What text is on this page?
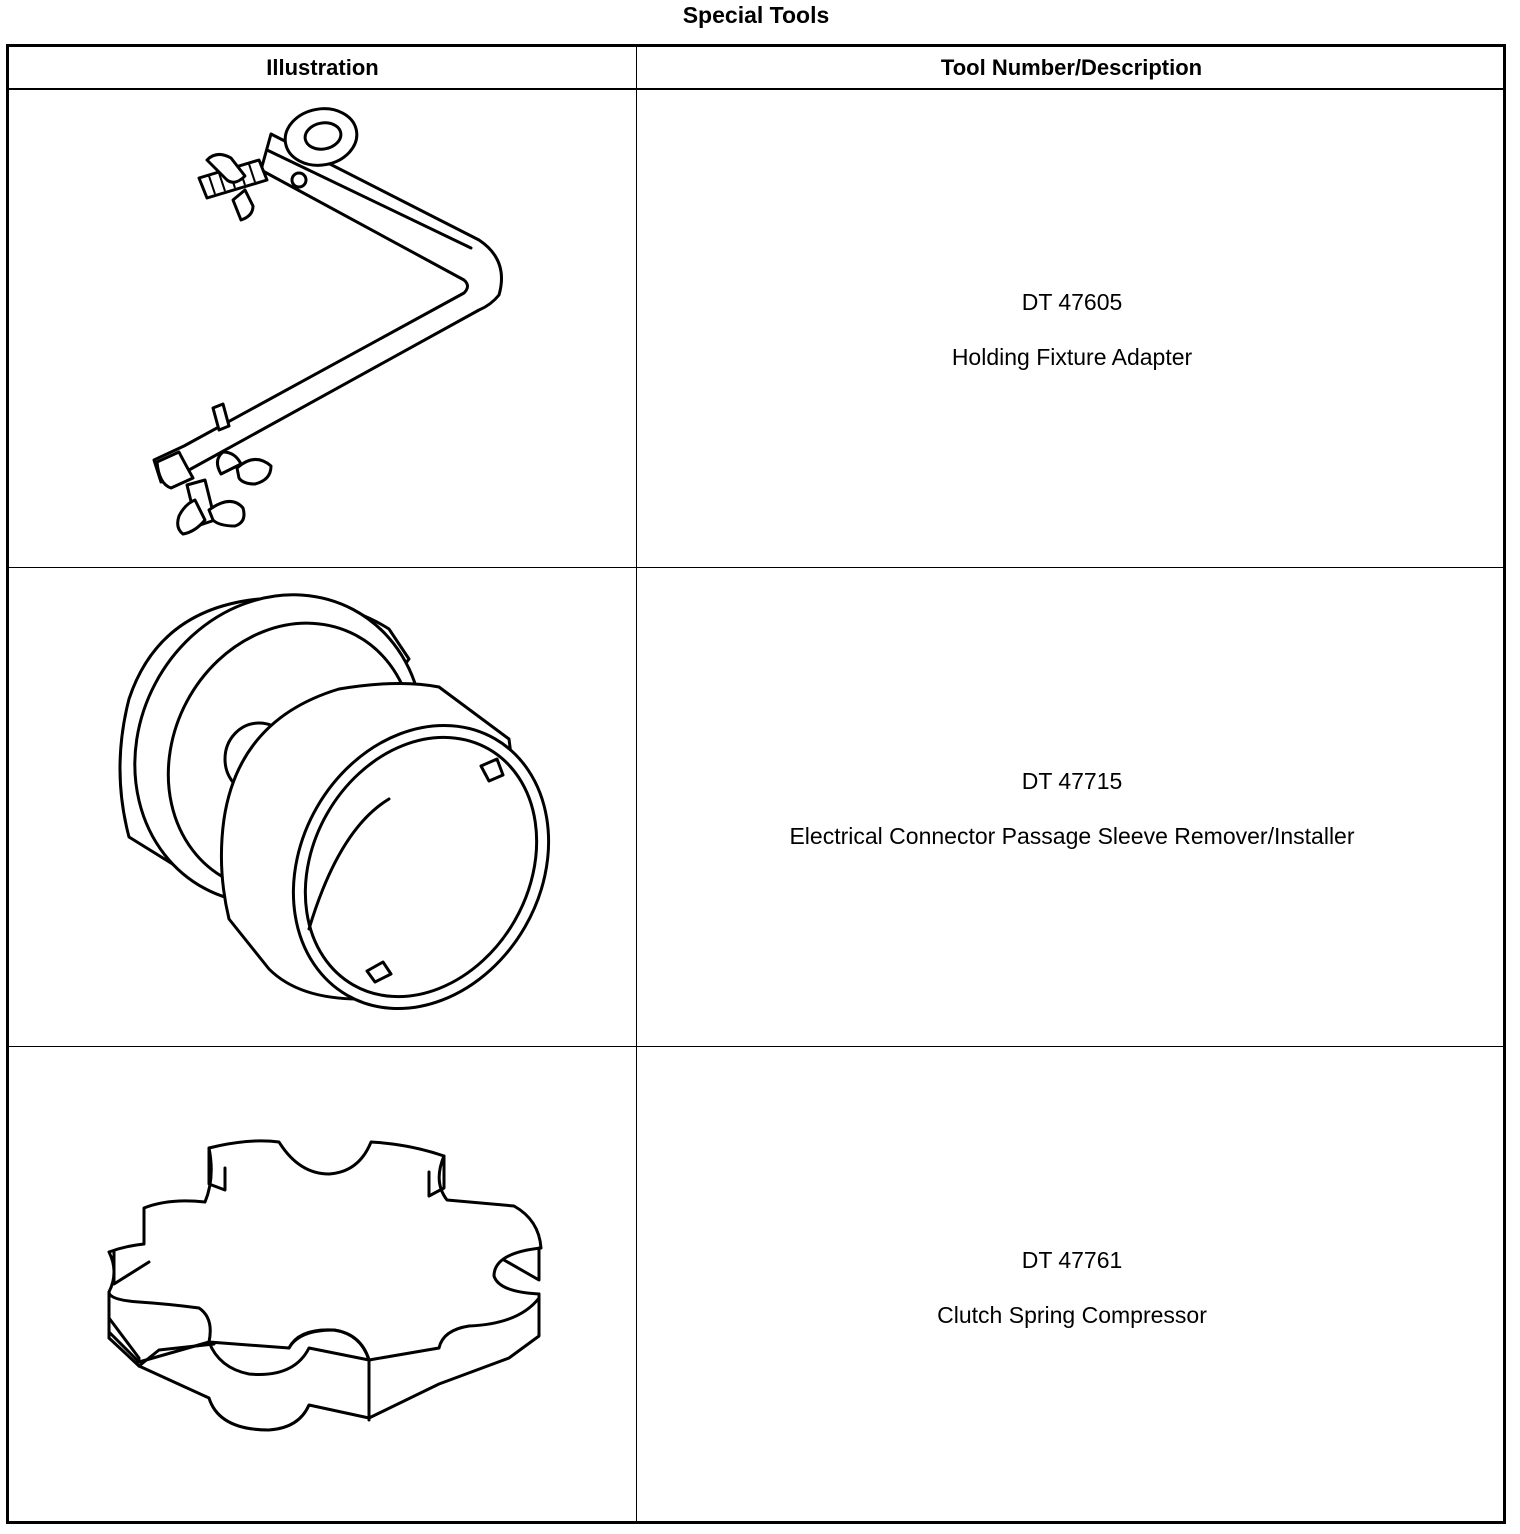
Special Tools
Illustration	Tool Number/Description
DT 47605
Holding Fixture Adapter
DT 47715
Electrical Connector Passage Sleeve Remover/Installer
DT 47761
Clutch Spring Compressor
